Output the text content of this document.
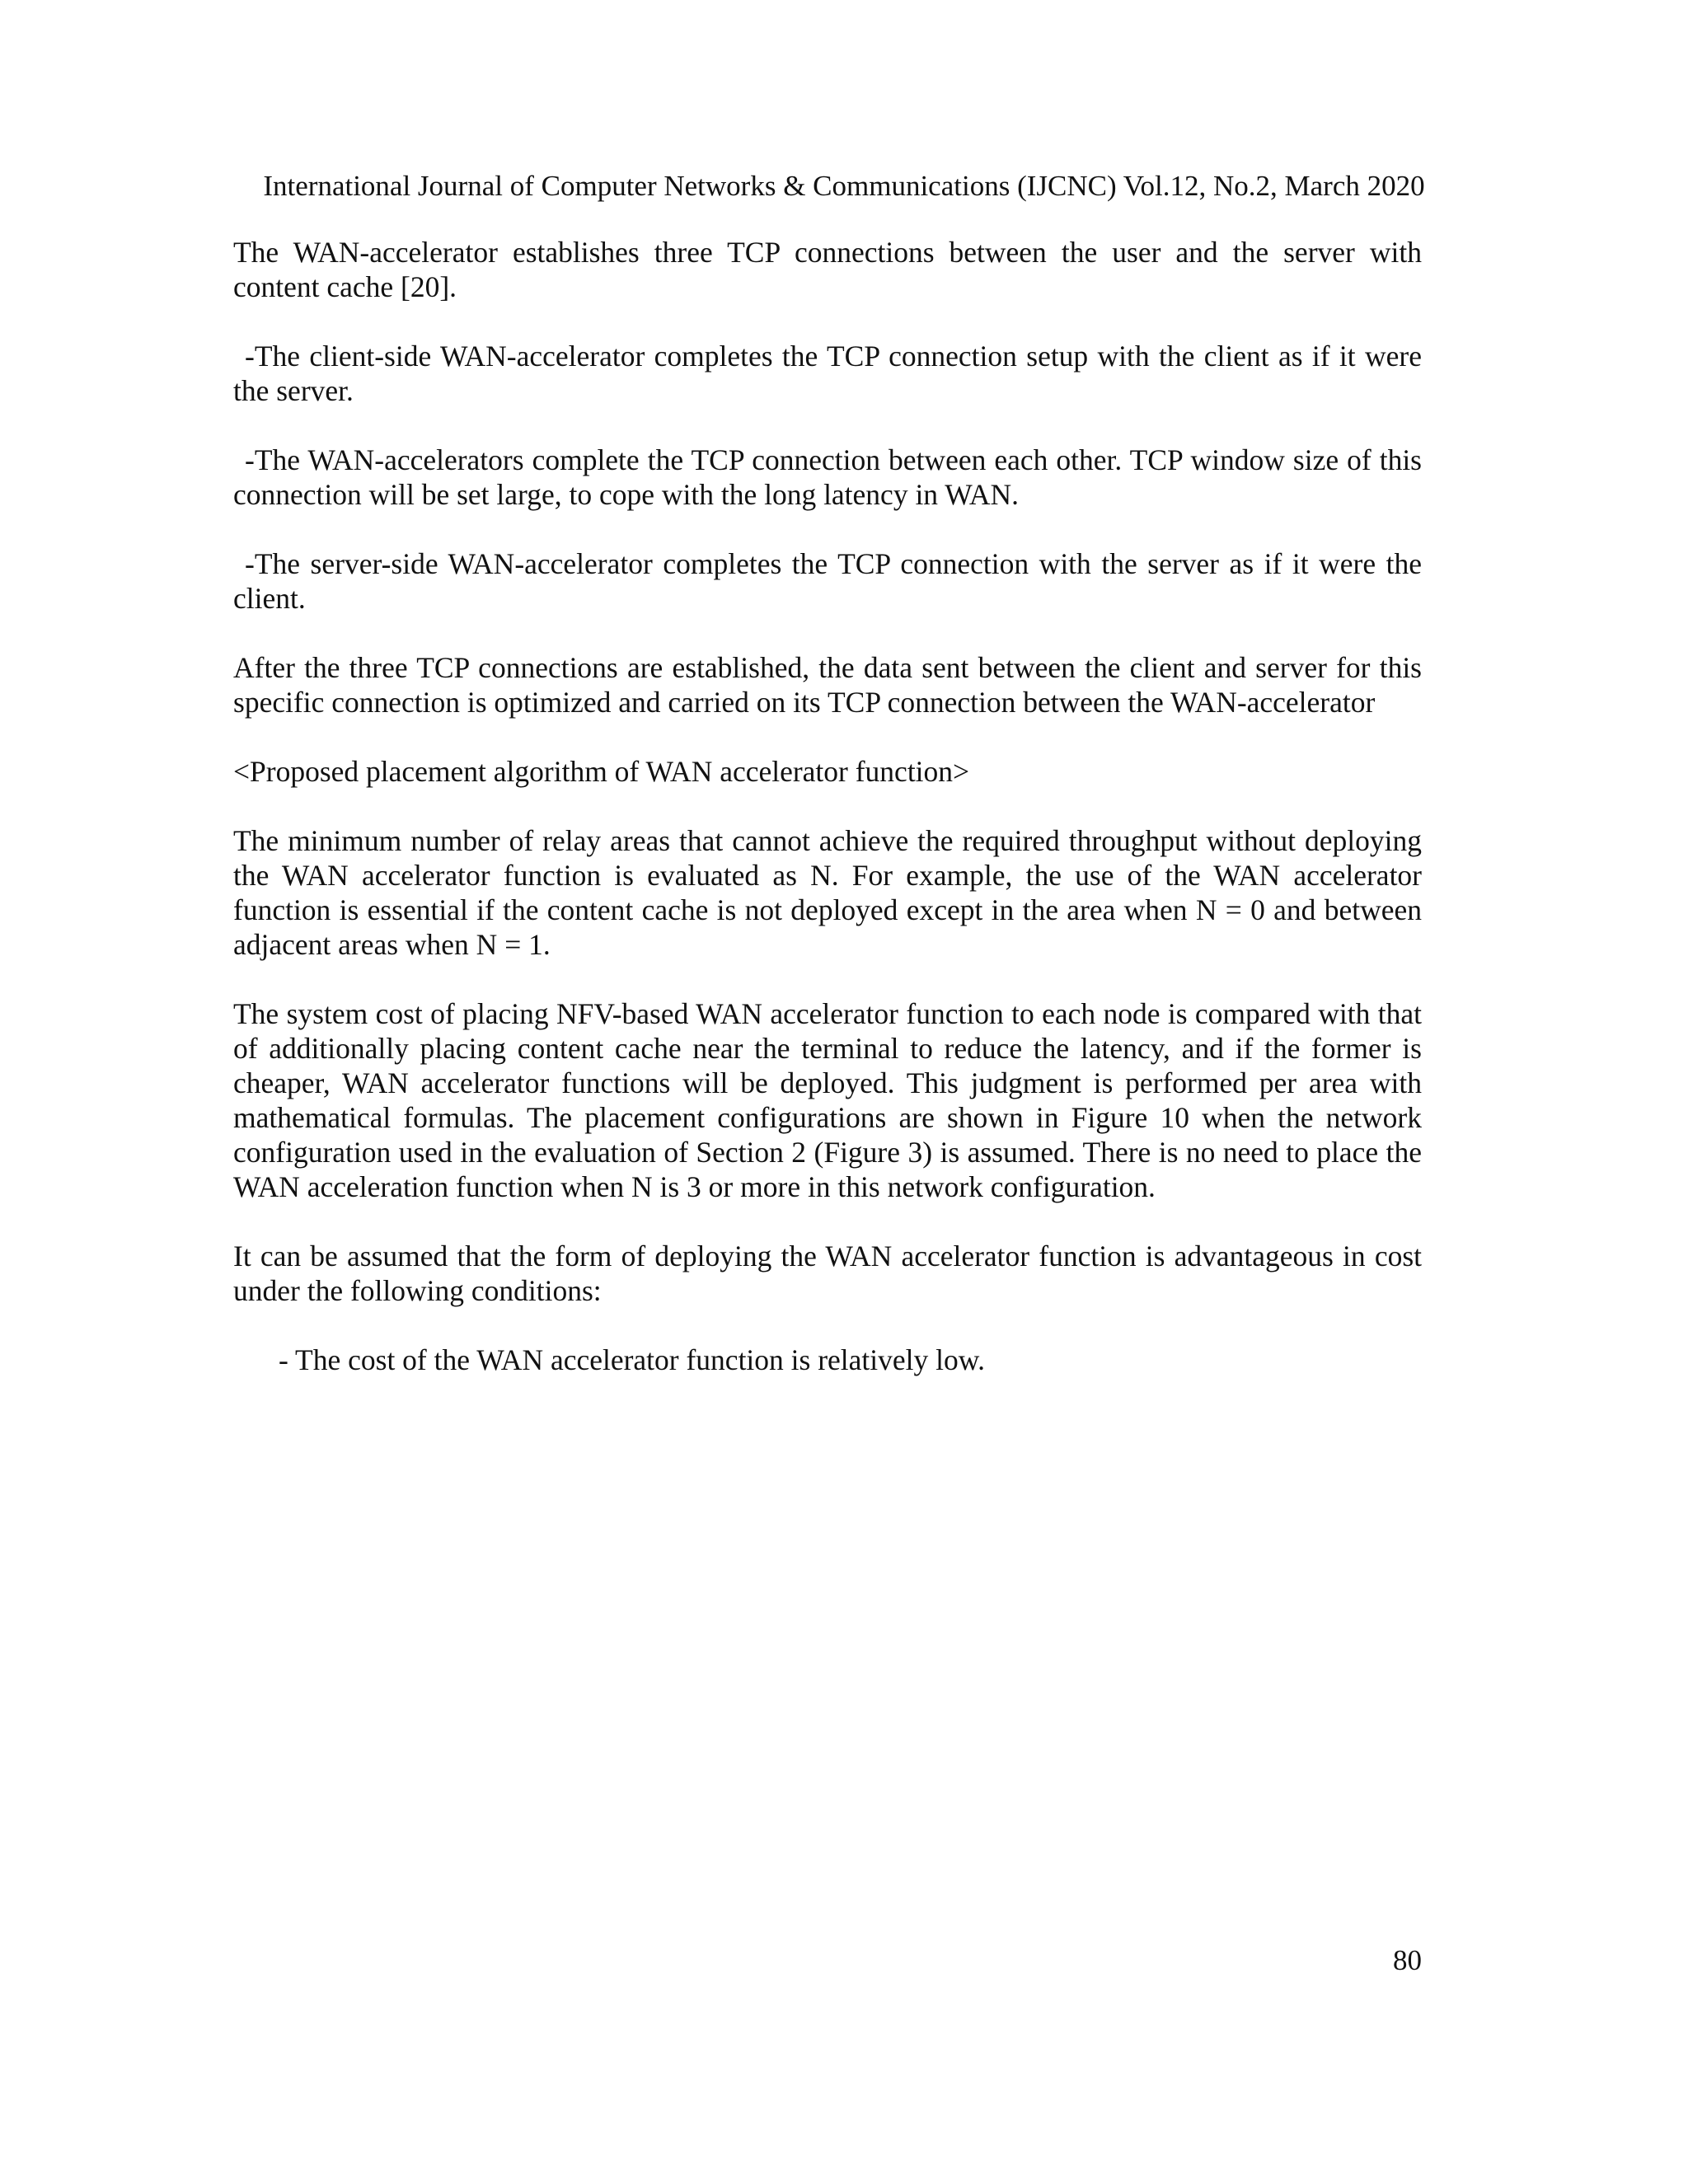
International Journal of Computer Networks & Communications (IJCNC) Vol.12, No.2, March 2020

The WAN-accelerator establishes three TCP connections between the user and the server with content cache [20].

-The client-side WAN-accelerator completes the TCP connection setup with the client as if it were the server.

-The WAN-accelerators complete the TCP connection between each other. TCP window size of this connection will be set large, to cope with the long latency in WAN.

-The server-side WAN-accelerator completes the TCP connection with the server as if it were the client.

After the three TCP connections are established, the data sent between the client and server for this specific connection is optimized and carried on its TCP connection between the WAN-accelerator

<Proposed placement algorithm of WAN accelerator function>

The minimum number of relay areas that cannot achieve the required throughput without deploying the WAN accelerator function is evaluated as N. For example, the use of the WAN accelerator function is essential if the content cache is not deployed except in the area when N = 0 and between adjacent areas when N = 1.

The system cost of placing NFV-based WAN accelerator function to each node is compared with that of additionally placing content cache near the terminal to reduce the latency, and if the former is cheaper, WAN accelerator functions will be deployed. This judgment is performed per area with mathematical formulas. The placement configurations are shown in Figure 10 when the network configuration used in the evaluation of Section 2 (Figure 3) is assumed. There is no need to place the WAN acceleration function when N is 3 or more in this network configuration.

It can be assumed that the form of deploying the WAN accelerator function is advantageous in cost under the following conditions:

- The cost of the WAN accelerator function is relatively low.

80
